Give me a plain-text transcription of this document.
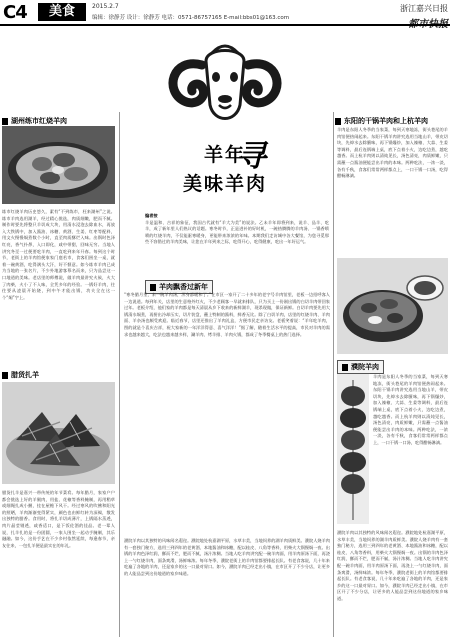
C4	美食	2015.2.7
编辑：徐静芳 设计：徐静芳 电话：0571-86757165 E-mail:bbs01@163.com
浙江嘉兴日报
湖州练市红烧羊肉
练市红烧羊肉历史悠久，素有“不到练市，枉来湖州”之说。练市羊肉选用湖羊，经过精心挑选，肉质细嫩，肥而不腻。制作时要先将整只羊切成大块，用清水浸泡去除血水，再放入大铁锅中，加入酱油、冰糖、黄酒、生姜、红枣等配料，用文火慢慢焖煮数个小时，直至肉质酥烂入味。出锅时色泽红亮，香气扑鼻，入口即化，咸中带甜，回味无穷。当地人讲究冬至一过便要吃羊肉，一直吃到来年开春。每到这个时节，老街上的羊肉馆便家家门庭若市，食客们围坐一桌，就着一碗黄酒，吃得满头大汗，好不惬意。如今练市羊肉已成为当地的一张名片，不少外地游客慕名而来，只为品尝这一口地道的美味。老店里的师傅说，做羊肉最讲究火候，火大了肉柴，火小了不入味，全凭多年的经验。一锅好羊肉，往往要从凌晨开始烧，到中午才能出锅，功夫全在这一个“焖”字上。
腊货扎羊
腊货扎羊是嘉兴一带传统的年节菜肴。每年腊月，家家户户都会挑选上好的羊腿肉，用盐、花椒等香料腌制，再用稻草或细绳扎成小捆，挂在屋檐下风干。经过寒风的吹拂和阳光的照晒，羊肉渐渐变得紧实，颜色也由鲜红转为深褐，散发出独特的腊香。食用时，将扎羊切成薄片，上锅隔水蒸透，肉片晶莹剔透，咸香适口，是下饭佐酒的佳品。老一辈人说，扎羊扎的是一份团圆，一家人围坐一起动手腌制，其乐融融。如今，这份手艺在不少乡村依然延续，每逢春节，亲友往来，一包扎羊便是最实在的年礼。
羊年
寻
美味羊肉
编者按
羊是温和、吉祥的象征，我国古代就有“羊大为美”的说法。乙未羊年即将到来，说羊、品羊、吃羊，成了新年里人们热议的话题。寒冬时节，正是进补的好时机，一碗热腾腾的羊肉汤、一锅香喷喷的红烧羊肉，不仅能驱寒暖身，更能带来浓浓的年味。本期我们走访城中各大餐馆，为您寻觅那些不容错过的羊肉美味，让您在羊年到来之际，吃得开心，吃得健康，吃出一年好运气。
羊肉飘香过新年
“寒冬腊月里，来一碗羊肉汤，浑身都暖和了。”在市区一家开了二十多年的老字号羊肉馆里，老板一边招呼客人一边说道。每到年关，店里的生意格外红火，不少老顾客一早就来排队，只为买上一份刚出锅的白切羊肉带回家过年。老板介绍，他们家的羊肉都是每天清晨从乡下收来的新鲜湖羊，现杀现做，保证新鲜。白切羊肉要先用大锅清水焖煮，再捞出冷却压实，切片装盘，蘸上特制的酱料，鲜香无比。除了白切羊肉，店里的红烧羊肉、羊肉面、羊杂汤也颇受欢迎。临近春节，店里还推出了羊肉礼盒，方便市民走亲访友。老板笑着说：“羊年吃羊肉，图的就是个喜庆吉祥，祝大家新的一年洋洋得意、喜气洋洋！”据了解，随着生活水平的提高，市民对羊肉的需求也越来越大，吃法也越来越多样，涮羊肉、烤羊排、羊肉火锅，都成了冬季餐桌上的热门选择。
濮院羊肉以其独特的风味闻名遐迩。濮院地处杭嘉湖平原，水草丰美，当地饲养的湖羊肉质鲜美。濮院人烧羊肉有一套独门秘方，选用三到四年的老黄酒、本地酱油和冰糖，配以桂皮、八角等香料，用柴火大锅慢焖一夜。出锅的羊肉色泽红润，酥而不烂，肥而不腻，汤汁浓稠。当地人吃羊肉讲究配一碗羊肉面，用羊肉原汤下面，再浇上一勺红烧羊肉，面条爽滑，汤鲜味浓。每年冬季，濮院老街上的羊肉馆都要排起长队。有老食客说，几十年来吃遍了各地的羊肉，还是家乡的这一口最对胃口。如今，濮院羊肉已经走出小镇，在市区开了不少分店，让更多的人能品尝到这份地道的家乡味道。
东阳的干锅羊肉和上杭羊肉
羊肉是东阳人冬季的当家菜，每到天寒地冻，街头巷尾的羊肉馆便热闹起来。东阳干锅羊肉讲究选用当地山羊，带皮切块，先焯水去除膻味，再下锅爆炒，加入辣椒、大蒜、生姜等调料，最后连锅端上桌，底下点着小火，边吃边煮，越吃越香。而上杭羊肉则以清炖见长，汤色清亮，肉质鲜嫩，只需蘸一点酱油便能尝出羊肉的本味。两种吃法，一浓一淡，各有千秋，食客们常常两样都点上，一口干锅一口汤，吃得酣畅淋漓。
濮院羊肉
羊肉是东阳人冬季的当家菜，每到天寒地冻，街头巷尾的羊肉馆便热闹起来。东阳干锅羊肉讲究选用当地山羊，带皮切块，先焯水去除膻味，再下锅爆炒，加入辣椒、大蒜、生姜等调料，最后连锅端上桌，底下点着小火，边吃边煮，越吃越香。而上杭羊肉则以清炖见长，汤色清亮，肉质鲜嫩，只需蘸一点酱油便能尝出羊肉的本味。两种吃法，一浓一淡，各有千秋，食客们常常两样都点上，一口干锅一口汤，吃得酣畅淋漓。
濮院羊肉以其独特的风味闻名遐迩。濮院地处杭嘉湖平原，水草丰美，当地饲养的湖羊肉质鲜美。濮院人烧羊肉有一套独门秘方，选用三到四年的老黄酒、本地酱油和冰糖，配以桂皮、八角等香料，用柴火大锅慢焖一夜。出锅的羊肉色泽红润，酥而不烂，肥而不腻，汤汁浓稠。当地人吃羊肉讲究配一碗羊肉面，用羊肉原汤下面，再浇上一勺红烧羊肉，面条爽滑，汤鲜味浓。每年冬季，濮院老街上的羊肉馆都要排起长队。有老食客说，几十年来吃遍了各地的羊肉，还是家乡的这一口最对胃口。如今，濮院羊肉已经走出小镇，在市区开了不少分店，让更多的人能品尝到这份地道的家乡味道。
